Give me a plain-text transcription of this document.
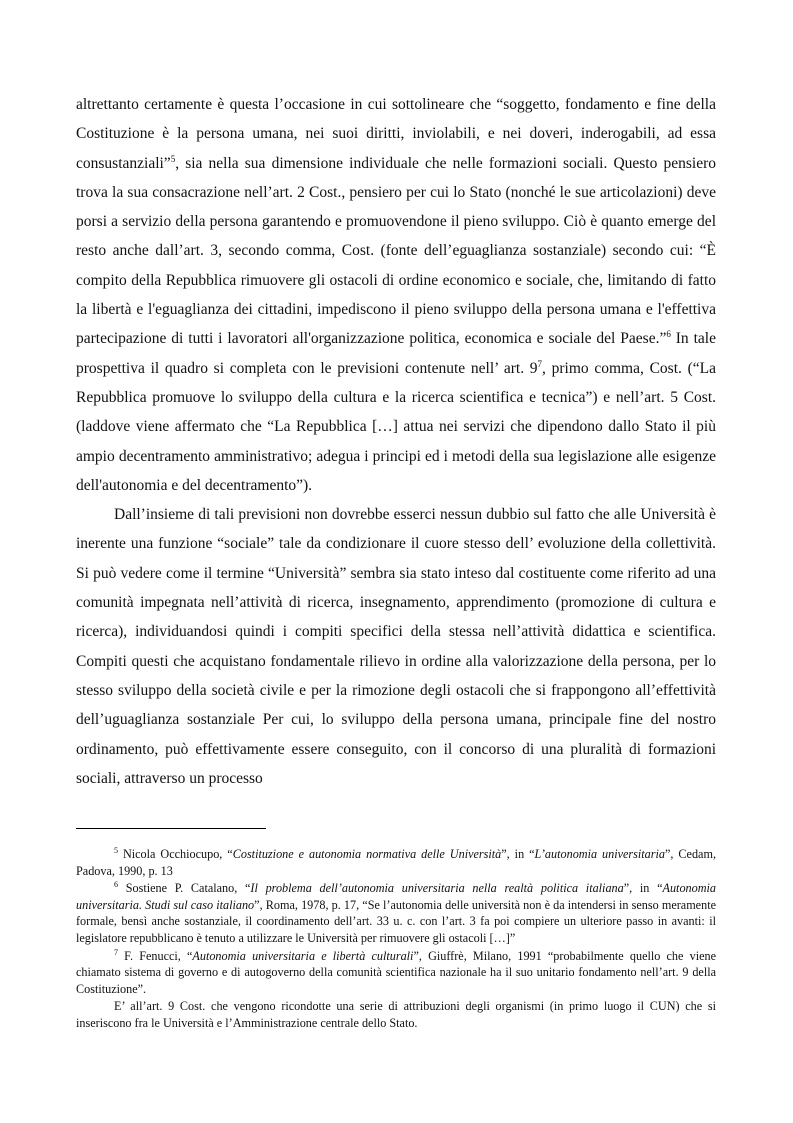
altrettanto certamente è questa l’occasione in cui sottolineare che “soggetto, fondamento e fine della Costituzione è la persona umana, nei suoi diritti, inviolabili, e nei doveri, inderogabili, ad essa consustanziali”$^5$, sia nella sua dimensione individuale che nelle formazioni sociali. Questo pensiero trova la sua consacrazione nell’art. 2 Cost., pensiero per cui lo Stato (nonché le sue articolazioni) deve porsi a servizio della persona garantendo e promuovendone il pieno sviluppo. Ciò è quanto emerge del resto anche dall’art. 3, secondo comma, Cost. (fonte dell’eguaglianza sostanziale) secondo cui: “È compito della Repubblica rimuovere gli ostacoli di ordine economico e sociale, che, limitando di fatto la libertà e l'eguaglianza dei cittadini, impediscono il pieno sviluppo della persona umana e l'effettiva partecipazione di tutti i lavoratori all'organizzazione politica, economica e sociale del Paese.”$^6$ In tale prospettiva il quadro si completa con le previsioni contenute nell’ art. $9^7$, primo comma, Cost. (“La Repubblica promuove lo sviluppo della cultura e la ricerca scientifica e tecnica”) e nell’art. 5 Cost. (laddove viene affermato che “La Repubblica […] attua nei servizi che dipendono dallo Stato il più ampio decentramento amministrativo; adegua i principi ed i metodi della sua legislazione alle esigenze dell'autonomia e del decentramento”).

Dall’insieme di tali previsioni non dovrebbe esserci nessun dubbio sul fatto che alle Università è inerente una funzione “sociale” tale da condizionare il cuore stesso dell’ evoluzione della collettività. Si può vedere come il termine “Università” sembra sia stato inteso dal costituente come riferito ad una comunità impegnata nell’attività di ricerca, insegnamento, apprendimento (promozione di cultura e ricerca), individuandosi quindi i compiti specifici della stessa nell’attività didattica e scientifica. Compiti questi che acquistano fondamentale rilievo in ordine alla valorizzazione della persona, per lo stesso sviluppo della società civile e per la rimozione degli ostacoli che si frappongono all’effettività dell’uguaglianza sostanziale Per cui, lo sviluppo della persona umana, principale fine del nostro ordinamento, può effettivamente essere conseguito, con il concorso di una pluralità di formazioni sociali, attraverso un processo

$^5$ Nicola Occhiocupo, “Costituzione e autonomia normativa delle Università”, in “L’autonomia universitaria”, Cedam, Padova, 1990, p. 13

$^6$ Sostiene P. Catalano, “Il problema dell’autonomia universitaria nella realtà politica italiana”, in “Autonomia universitaria. Studi sul caso italiano”, Roma, 1978, p. 17, “Se l’autonomia delle università non è da intendersi in senso meramente formale, bensì anche sostanziale, il coordinamento dell’art. 33 u. c. con l’art. 3 fa poi compiere un ulteriore passo in avanti: il legislatore repubblicano è tenuto a utilizzare le Università per rimuovere gli ostacoli […]”

$^7$ F. Fenucci, “Autonomia universitaria e libertà culturali”, Giuffrè, Milano, 1991 “probabilmente quello che viene chiamato sistema di governo e di autogoverno della comunità scientifica nazionale ha il suo unitario fondamento nell’art. 9 della Costituzione”.

E’ all’art. 9 Cost. che vengono ricondotte una serie di attribuzioni degli organismi (in primo luogo il CUN) che si inseriscono fra le Università e l’Amministrazione centrale dello Stato.
